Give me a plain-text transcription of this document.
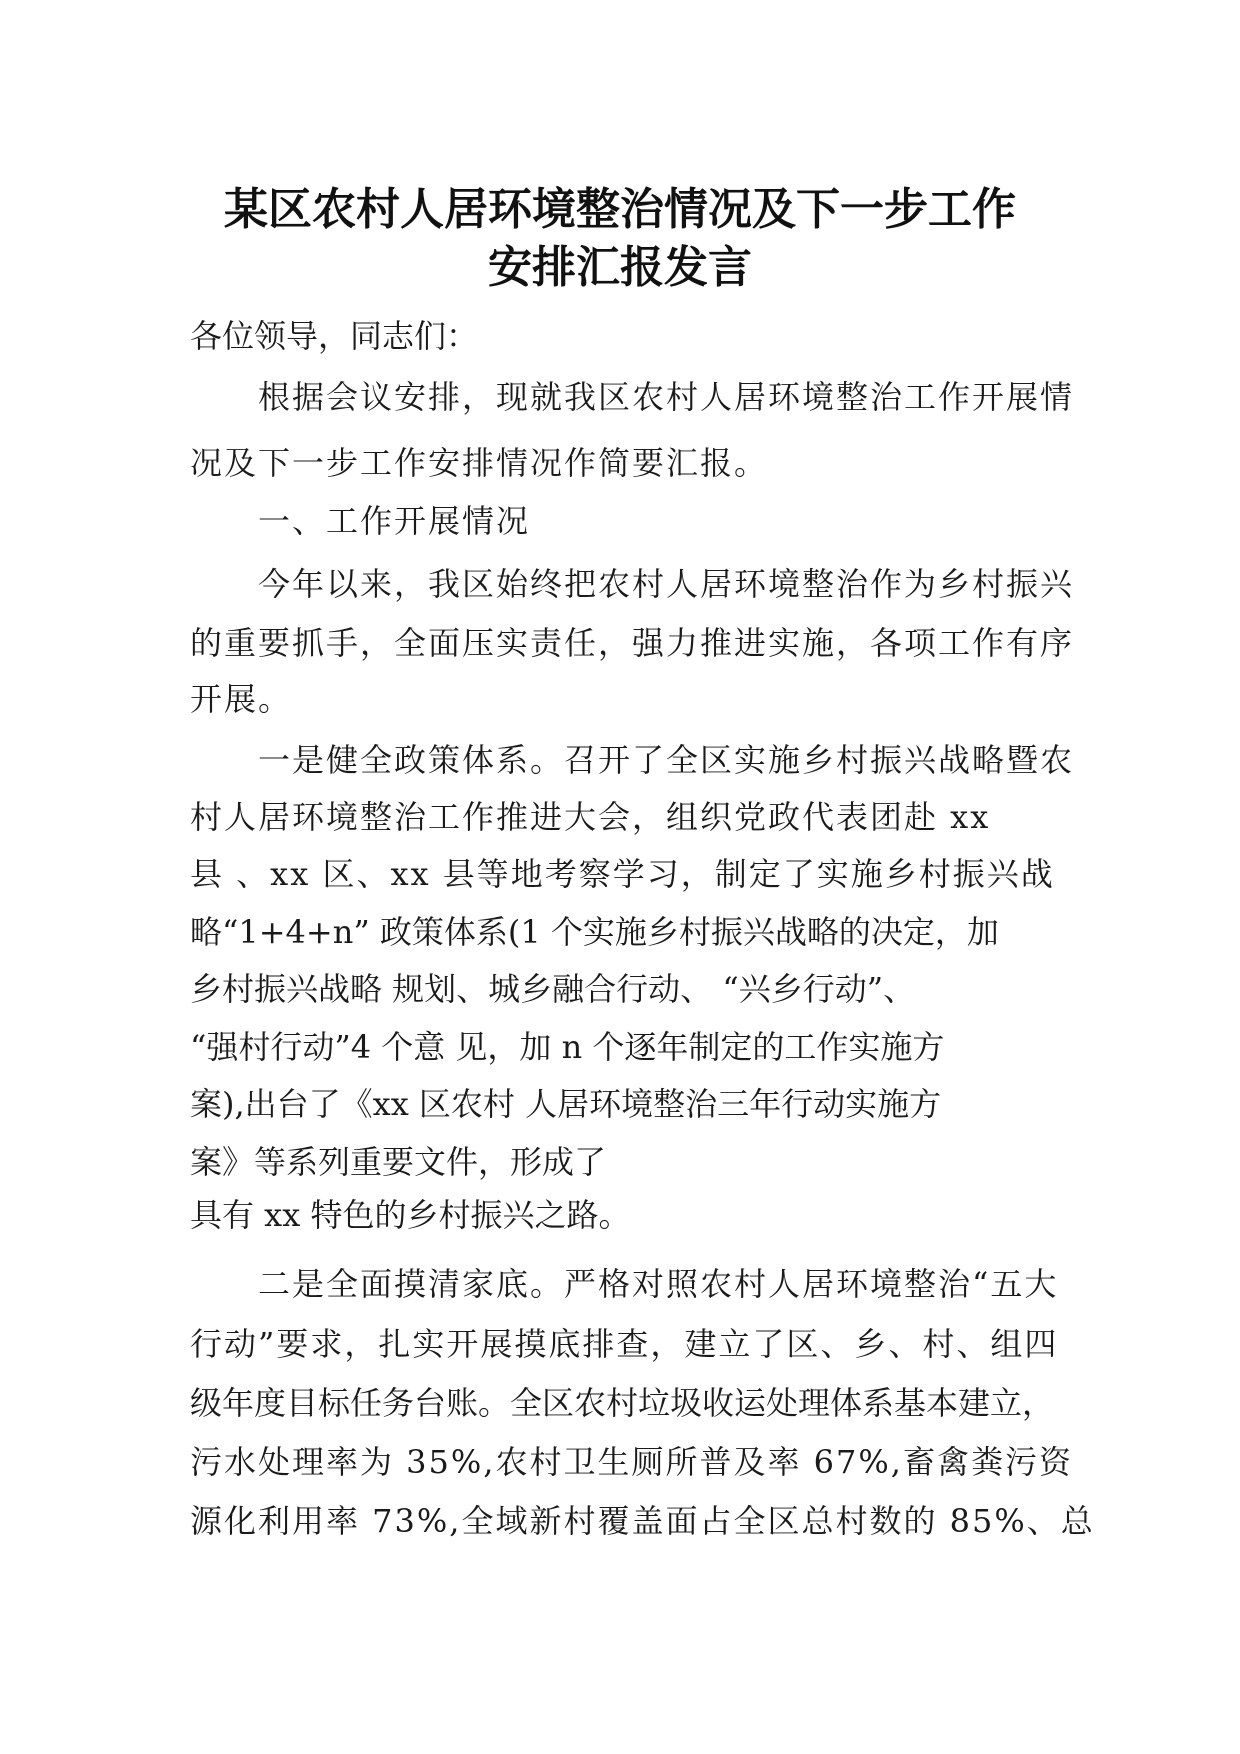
某区农村人居环境整治情况及下一步工作
安排汇报发言

各位领导，同志们：

根据会议安排，现就我区农村人居环境整治工作开展情

况及下一步工作安排情况作简要汇报。

一、工作开展情况

今年以来，我区始终把农村人居环境整治作为乡村振兴

的重要抓手，全面压实责任，强力推进实施，各项工作有序

开展。

一是健全政策体系。召开了全区实施乡村振兴战略暨农

村人居环境整治工作推进大会，组织党政代表团赴 xx

县 、xx 区、xx 县等地考察学习，制定了实施乡村振兴战

略“1+4+n” 政策体系(1 个实施乡村振兴战略的决定，加

乡村振兴战略 规划、城乡融合行动、 “兴乡行动”、

“强村行动”4 个意 见，加 n 个逐年制定的工作实施方

案),出台了《xx 区农村 人居环境整治三年行动实施方

案》等系列重要文件，形成了

具有 xx 特色的乡村振兴之路。

二是全面摸清家底。严格对照农村人居环境整治“五大

行动”要求，扎实开展摸底排查，建立了区、乡、村、组四

级年度目标任务台账。全区农村垃圾收运处理体系基本建立，

污水处理率为 35%,农村卫生厕所普及率 67%,畜禽粪污资

源化利用率 73%,全域新村覆盖面占全区总村数的 85%、总
